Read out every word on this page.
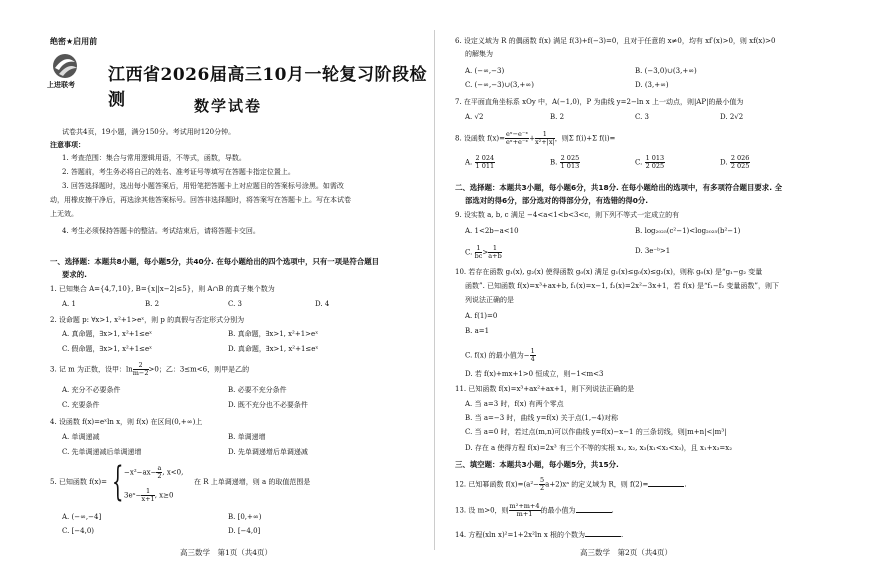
绝密★启用前
上进联考 江西省2026届高三10月一轮复习阶段检测	数学试卷
试卷共4页，19小题，满分150分。考试用时120分钟。
注意事项：
1. 考查范围：集合与常用逻辑用语，不等式，函数，导数。
2. 答题前，考生务必将自己的姓名、准考证号等填写在答题卡指定位置上。
3. 回答选择题时，选出每小题答案后，用铅笔把答题卡上对应题目的答案标号涂黑。如需改
动，用橡皮擦干净后，再选涂其他答案标号。回答非选择题时，将答案写在答题卡上。写在本试卷
上无效。
4. 考生必须保持答题卡的整洁。考试结束后，请将答题卡交回。
一、选择题：本题共8小题，每小题5分，共40分. 在每小题给出的四个选项中，只有一项是符合题目
要求的.
1. 已知集合 A={4,7,10}, B={x||x−2|≤5}，则 A∩B 的真子集个数为
A. 1	B. 2	C. 3	D. 4
2. 设命题 p: ∀x>1, x²+1>eˣ，则 p 的真假与否定形式分别为
A. 真命题，∃x>1, x²+1≤eˣ	B. 真命题，∃x>1, x²+1>eˣ
C. 假命题，∃x>1, x²+1≤eˣ	D. 真命题，∃x>1, x²+1≤eˣ
3. 记 m 为正数，设甲：$\ln \frac{2}{m-2} >0$；乙：3≤m<6，则甲是乙的
A. 充分不必要条件	B. 必要不充分条件
C. 充要条件	D. 既不充分也不必要条件
4. 设函数 f(x)=eˣln x，则 f(x) 在区间(0,+∞)上
A. 单调递减	B. 单调递增
C. 先单调递减后单调递增	D. 先单调递增后单调递减
5. 已知函数 f(x)= { $-x^2-ax- \frac{a}{2}$ , x<0,
3eˣ− $\frac{1}{x+1}$ , x≥0
在 R 上单调递增，则 a 的取值范围是
A. (−∞,−4]	B. [0,+∞)
C. [−4,0)	D. [−4,0]
高三数学　第1页（共4页）
6. 设定义域为 R 的偶函数 f(x) 满足 f(3)+f(−3)=0，且对于任意的 x≠0，均有 xf′(x)>0，则 xf(x)>0
的解集为
A. (−∞,−3)	B. (−3,0)∪(3,+∞)
C. (−∞,−3)∪(3,+∞)	D. (3,+∞)
7. 在平面直角坐标系 xOy 中，A(−1,0)，P 为曲线 y=2−ln x 上一动点，则|AP|的最小值为
A. √2	B. 2	C. 3	D. 2√2
8. 设函数 $f(x)= \frac{\text{eˣ−e⁻ˣ}}{\text{eˣ+e⁻ˣ}} + \frac{1}{\text{x²+|x|}}$ ，则Σ f(i)+Σ f(i)=
A. $\frac{2 024}{1 011}$	B. $\frac{2 025}{1 013}$	C. $\frac{1 013}{2 025}$	D. $\frac{2 026}{2 025}$
二、选择题：本题共3小题，每小题6分，共18分. 在每小题给出的选项中，有多项符合题目要求. 全
部选对的得6分，部分选对的得部分分，有选错的得0分.
9. 设实数 a, b, c 满足 −4<a<1<b<3<c，则下列不等式一定成立的有
A. 1<2b−a<10	B. log₂₀₂₅(c²−1)<log₂₀₂₅(b²−1)
C. $\frac{1}{bc} > \frac{1}{a+b}$	D. 3e⁻ᵇ>1
10. 若存在函数 g₁(x), g₂(x) 使得函数 g₀(x) 满足 g₁(x)≤g₀(x)≤g₂(x)，则称 g₀(x) 是“g₁−g₂ 变量
函数”. 已知函数 f(x)=x³+ax+b, f₁(x)=x−1, f₂(x)=2x²−3x+1，若 f(x) 是“f₁−f₂ 变量函数”，则下
列说法正确的是
A. f(1)=0
B. a=1
C. f(x) 的最小值为− $\frac{1}{4}$
D. 若 f(x)+mx+1>0 恒成立，则−1<m<3
11. 已知函数 f(x)=x³+ax²+ax+1，则下列说法正确的是
A. 当 a=3 时，f(x) 有两个零点
B. 当 a=−3 时，曲线 y=f(x) 关于点(1,−4)对称
C. 当 a=0 时，若过点(m,n)可以作曲线 y=f(x)−x−1 的三条切线，则|m+n|<|m³|
D. 存在 a 使得方程 f(x)=2x³ 有三个不等的实根 x₁, x₂, x₃(x₁<x₂<x₃)，且 x₁+x₃=x₂
三、填空题：本题共3小题，每小题5分，共15分.
12. 已知幂函数 $f(x)=(a^2- \frac{5}{2}$ a+2)xᵃ 的定义域为 R，则 f(2)=	.
13. 设 m>0，则 $\frac{\text{m²+m+4}}{m+1}$ 的最小值为	.
14. 方程(xln x)²=1+2x²ln x 根的个数为	.
高三数学　第2页（共4页）
